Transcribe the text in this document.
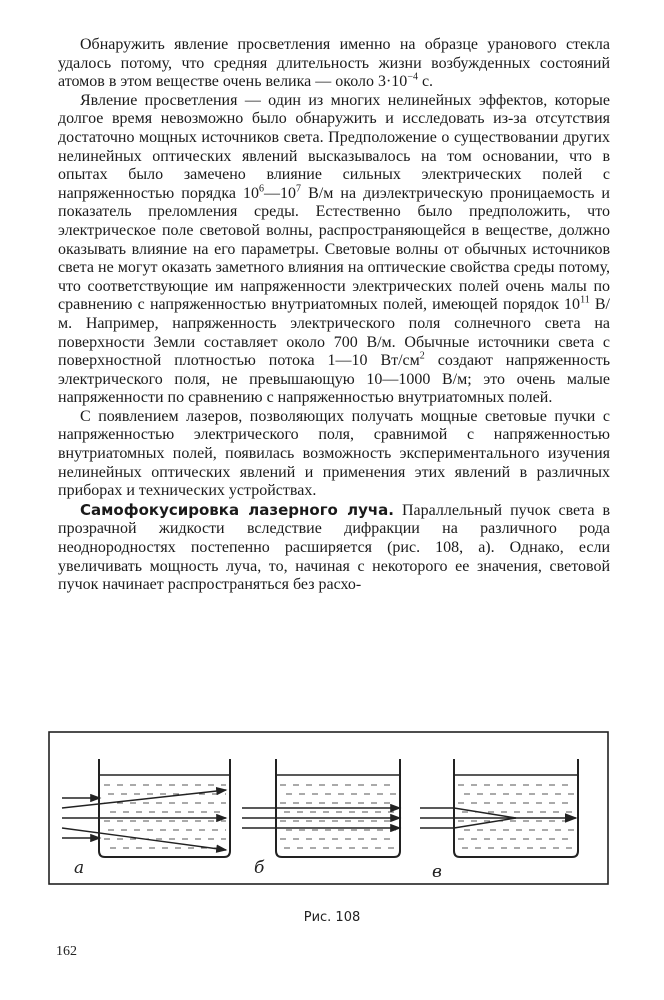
Обнаружить явление просветления именно на образце уранового стекла удалось потому, что средняя длительность жизни возбужденных состояний атомов в этом веществе очень велика — около $3\cdot 10^{-4}$ с.

Явление просветления — один из многих нелинейных эффектов, которые долгое время невозможно было обнаружить и исследовать из-за отсутствия достаточно мощных источников света. Предположение о существовании других нелинейных оптических явлений высказывалось на том основании, что в опытах было замечено влияние сильных электрических полей с напряженностью порядка $10^6—10^7$ В/м на диэлектрическую проницаемость и показатель преломления среды. Естественно было предположить, что электрическое поле световой волны, распространяющейся в веществе, должно оказывать влияние на его параметры. Световые волны от обычных источников света не могут оказать заметного влияния на оптические свойства среды потому, что соответствующие им напряженности электрических полей очень малы по сравнению с напряженностью внутриатомных полей, имеющей порядок $10^{11}$ В/м. Например, напряженность электрического поля солнечного света на поверхности Земли составляет около 700 В/м. Обычные источники света с поверхностной плотностью потока 1—10 $Вт/см^2$ создают напряженность электрического поля, не превышающую 10—1000 В/м; это очень малые напряженности по сравнению с напряженностью внутриатомных полей.

С появлением лазеров, позволяющих получать мощные световые пучки с напряженностью электрического поля, сравнимой с напряженностью внутриатомных полей, появилась возможность экспериментального изучения нелинейных оптических явлений и применения этих явлений в различных приборах и технических устройствах.

Самофокусировка лазерного луча. Параллельный пучок света в прозрачной жидкости вследствие дифракции на различного рода неоднородностях постепенно расширяется (рис. 108, а). Однако, если увеличивать мощность луча, то, начиная с некоторого ее значения, световой пучок начинает распространяться без расхо-

а	б	в
Рис. 108
162
